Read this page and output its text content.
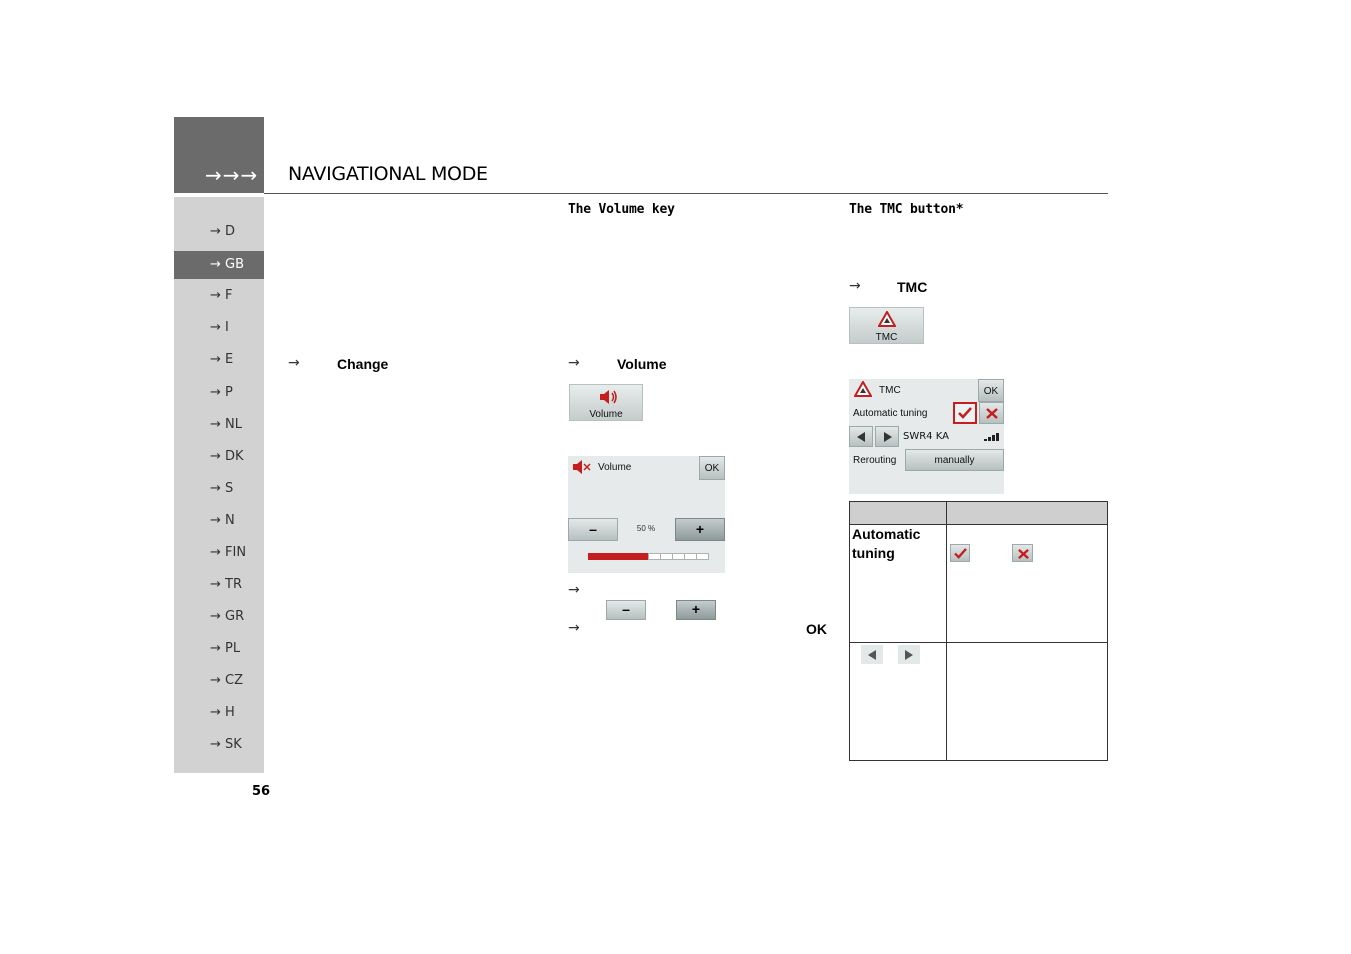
→→→ NAVIGATIONAL MODE
→ D
→ GB
→ F
→ I
→ E
→ P
→ NL
→ DK
→ S
→ N
→ FIN
→ TR
→ GR
→ PL
→ CZ
→ H
→ SK
56
→	Change
The Volume key
→	Volume
Volume
Volume	OK
–	50 %	+
→
–	+
→	OK
The TMC button*
→	TMC
TMC
TMC	OK
Automatic tuning
SWR4 KA
Rerouting	manually
Automatic tuning
